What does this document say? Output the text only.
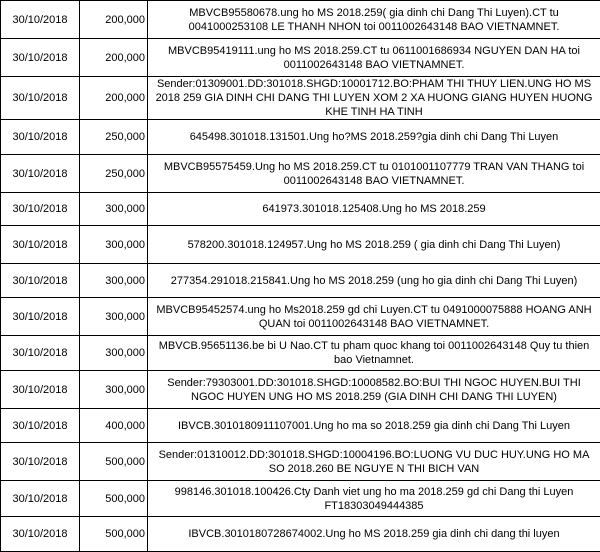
30/10/2018	200,000	MBVCB95580678.ung ho MS 2018.259( gia dinh chi Dang Thi Luyen).CT tu 0041000253108 LE THANH NHON toi 0011002643148 BAO VIETNAMNET.
30/10/2018	200,000	MBVCB95419111.ung ho MS 2018.259.CT tu 0611001686934 NGUYEN DAN HA toi 0011002643148 BAO VIETNAMNET.
30/10/2018	200,000	Sender:01309001.DD:301018.SHGD:10001712.BO:PHAM THI THUY LIEN.UNG HO MS 2018 259 GIA DINH CHI DANG THI LUYEN XOM 2 XA HUONG GIANG HUYEN HUONG KHE TINH HA TINH
30/10/2018	250,000	645498.301018.131501.Ung ho?MS 2018.259?gia dinh chi Dang Thi Luyen
30/10/2018	250,000	MBVCB95575459.Ung ho MS 2018.259.CT tu 0101001107779 TRAN VAN THANG toi 0011002643148 BAO VIETNAMNET.
30/10/2018	300,000	641973.301018.125408.Ung ho MS 2018.259
30/10/2018	300,000	578200.301018.124957.Ung ho MS 2018.259 ( gia dinh chi Dang Thi Luyen)
30/10/2018	300,000	277354.291018.215841.Ung ho MS 2018.259 (ung ho gia dinh chi Dang Thi Luyen)
30/10/2018	300,000	MBVCB95452574.ung ho Ms2018.259 gd chi Luyen.CT tu 0491000075888 HOANG ANH QUAN toi 0011002643148 BAO VIETNAMNET.
30/10/2018	300,000	MBVCB.95651136.be bi U Nao.CT tu pham quoc khang toi 0011002643148 Quy tu thien bao Vietnamnet.
30/10/2018	300,000	Sender:79303001.DD:301018.SHGD:10008582.BO:BUI THI NGOC HUYEN.BUI THI NGOC HUYEN UNG HO MS 2018.259 (GIA DINH CHI DANG THI LUYEN)
30/10/2018	400,000	IBVCB.3010180911107001.Ung ho ma so 2018.259 gia dinh chi Dang Thi Luyen
30/10/2018	500,000	Sender:01310012.DD:301018.SHGD:10004196.BO:LUONG VU DUC HUY.UNG HO MA SO 2018.260 BE NGUYE N THI BICH VAN
30/10/2018	500,000	998146.301018.100426.Cty Danh viet ung ho ma 2018.259 gd chi Dang thi Luyen FT18303049444385
30/10/2018	500,000	IBVCB.3010180728674002.Ung ho MS 2018.259 gia dinh chi dang thi luyen
